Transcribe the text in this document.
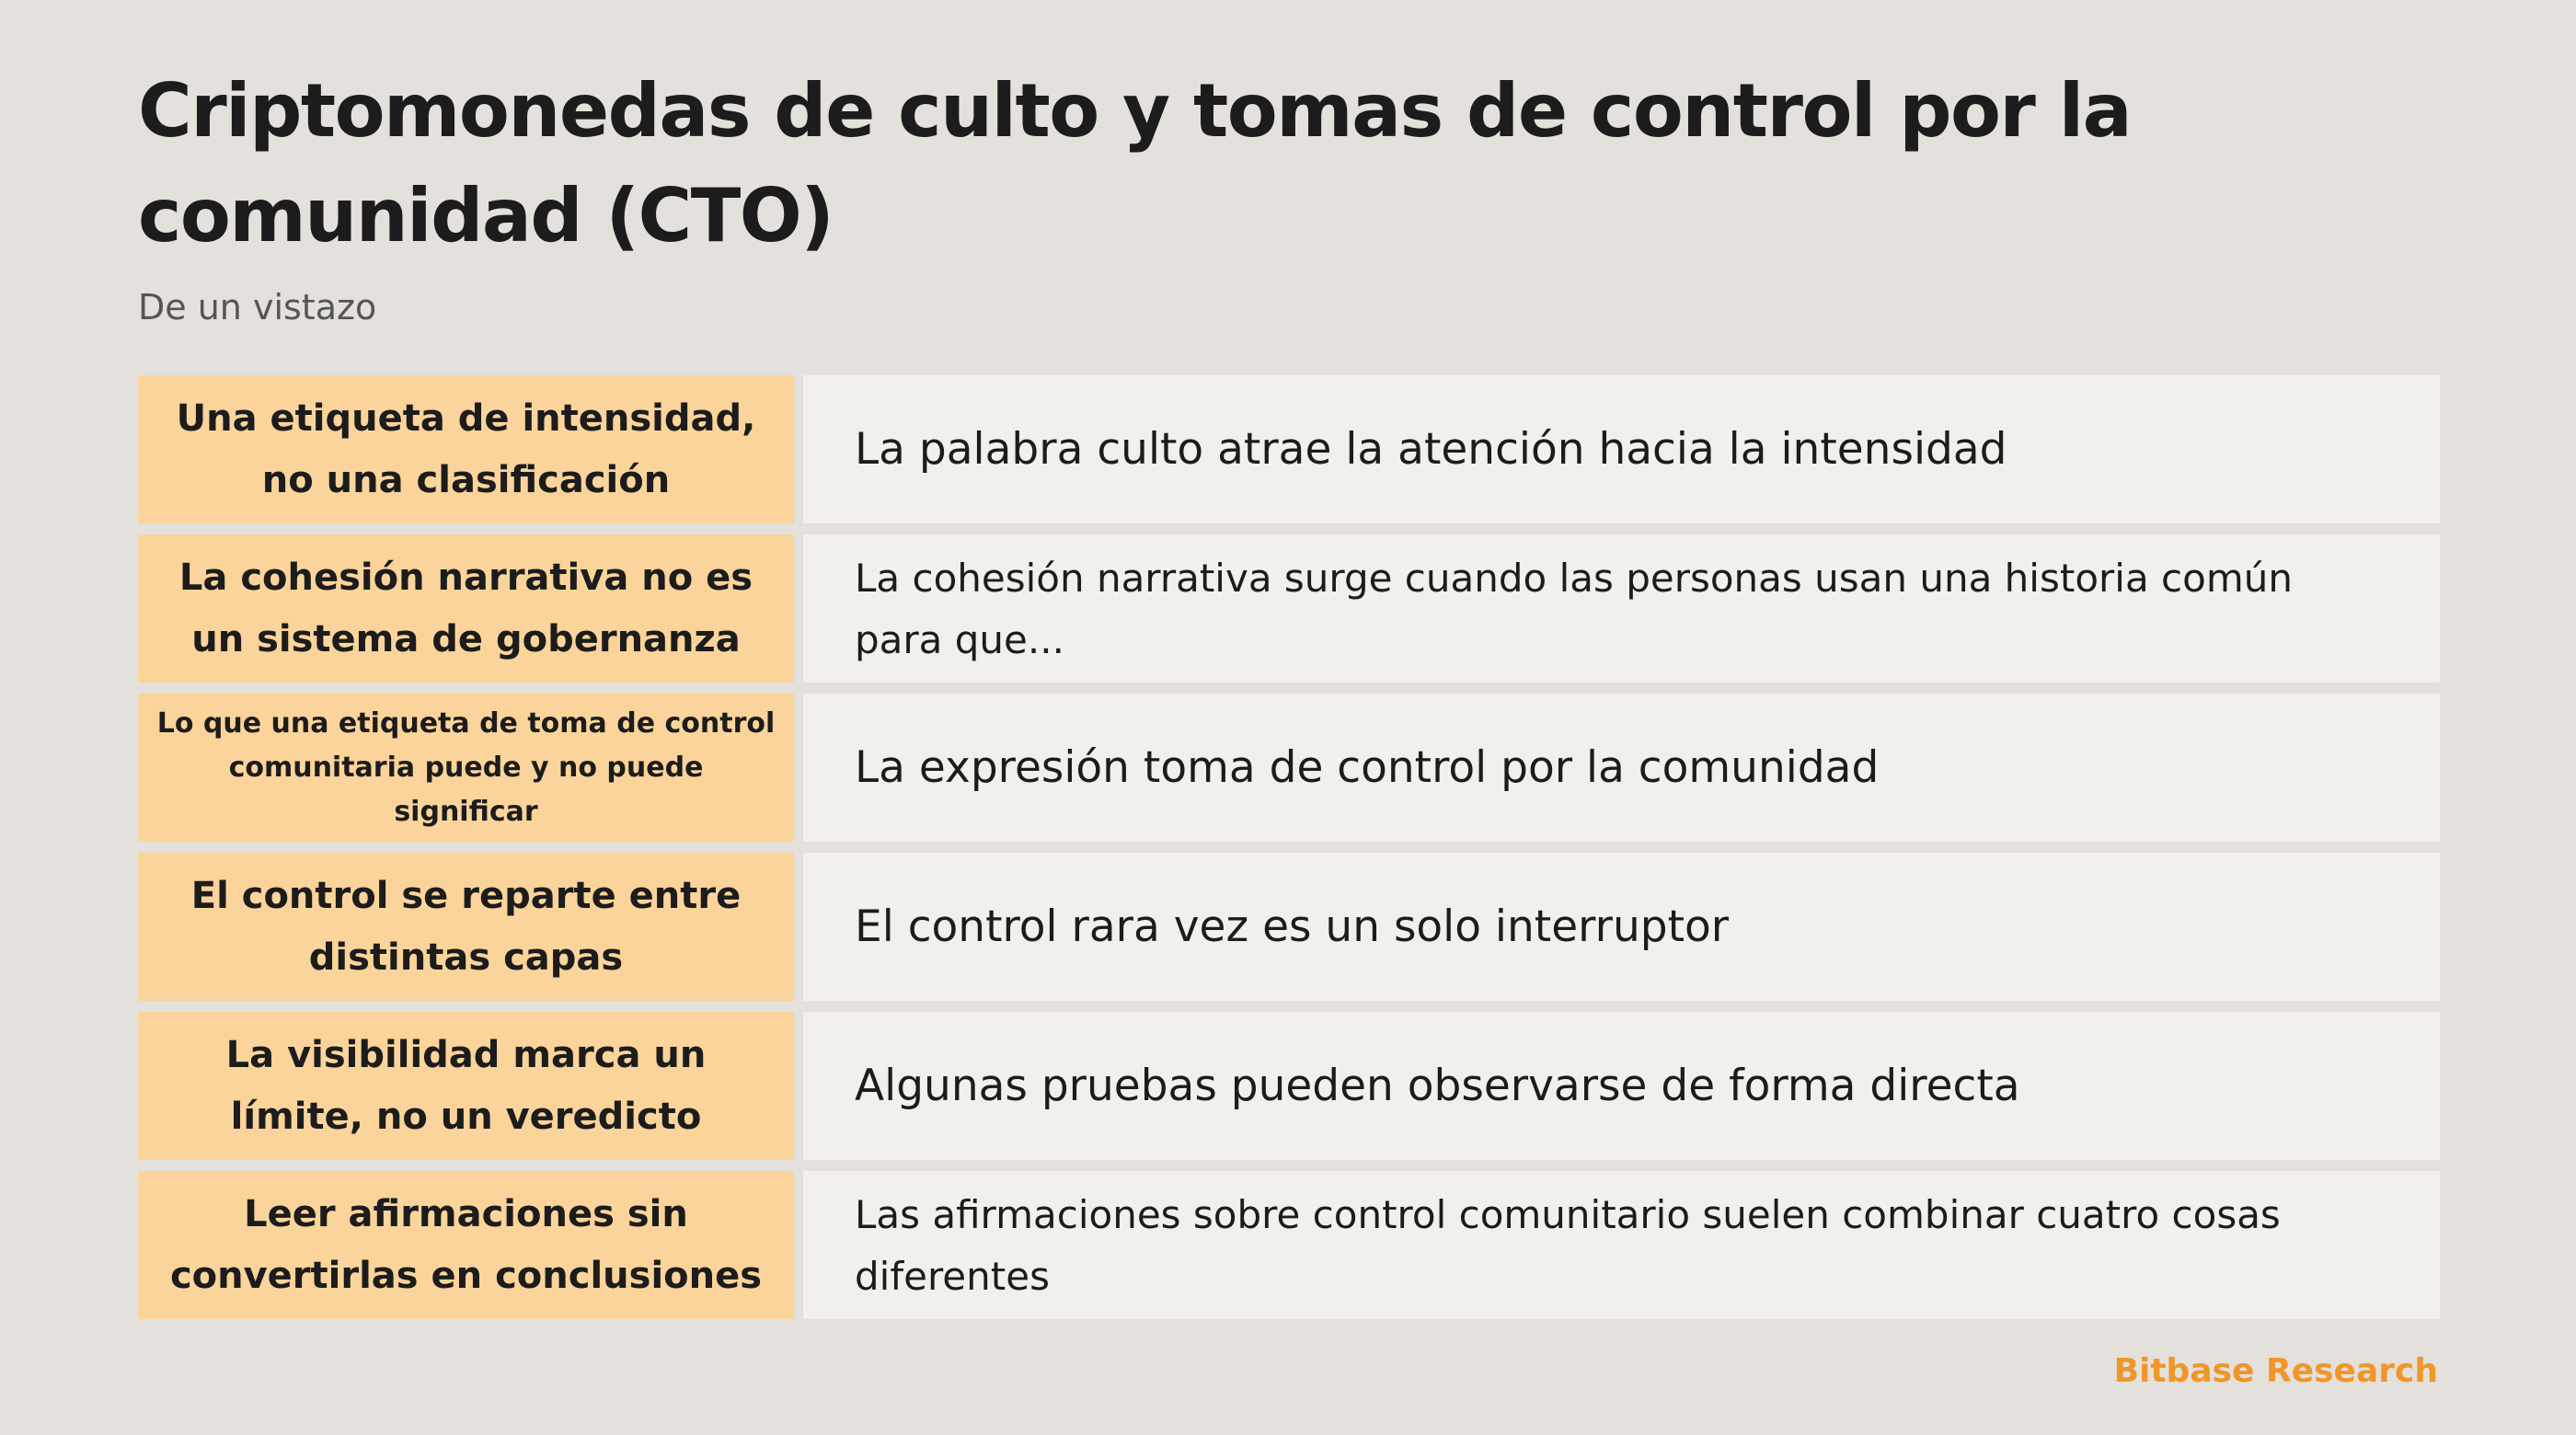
Criptomonedas de culto y tomas de control por la comunidad (CTO)
De un vistazo
Una etiqueta de intensidad, no una clasificación
La palabra culto atrae la atención hacia la intensidad
La cohesión narrativa no es un sistema de gobernanza
La cohesión narrativa surge cuando las personas usan una historia común para que...
Lo que una etiqueta de toma de control comunitaria puede y no puede significar
La expresión toma de control por la comunidad
El control se reparte entre distintas capas
El control rara vez es un solo interruptor
La visibilidad marca un límite, no un veredicto
Algunas pruebas pueden observarse de forma directa
Leer afirmaciones sin convertirlas en conclusiones
Las afirmaciones sobre control comunitario suelen combinar cuatro cosas diferentes
Bitbase Research
